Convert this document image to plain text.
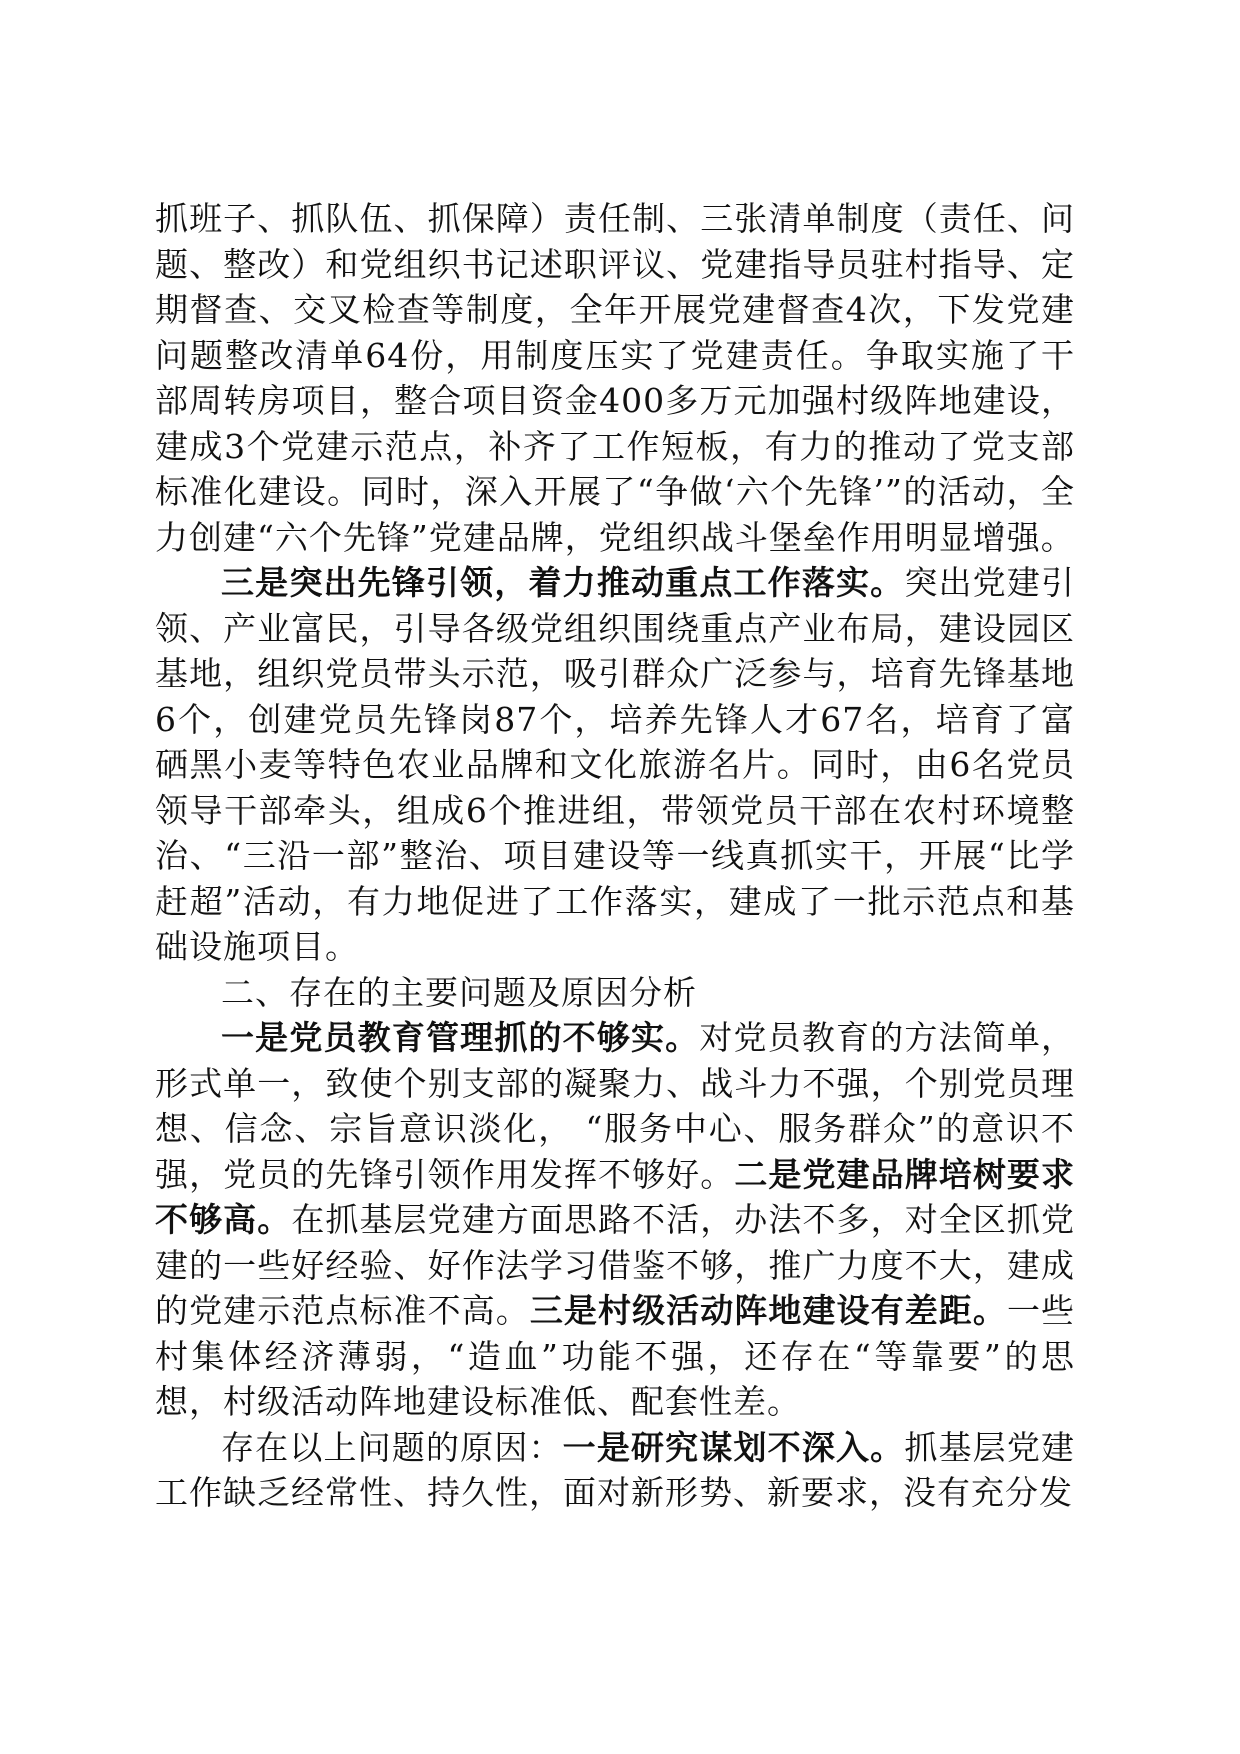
抓班子、抓队伍、抓保障）责任制、三张清单制度（责任、问题、整改）和党组织书记述职评议、党建指导员驻村指导、定期督查、交叉检查等制度，全年开展党建督查4次，下发党建问题整改清单64份，用制度压实了党建责任。争取实施了干部周转房项目，整合项目资金400多万元加强村级阵地建设，建成3个党建示范点，补齐了工作短板，有力的推动了党支部标准化建设。同时，深入开展了“争做‘六个先锋’”的活动，全力创建“六个先锋”党建品牌，党组织战斗堡垒作用明显增强。

三是突出先锋引领，着力推动重点工作落实。突出党建引领、产业富民，引导各级党组织围绕重点产业布局，建设园区基地，组织党员带头示范，吸引群众广泛参与，培育先锋基地6个，创建党员先锋岗87个，培养先锋人才67名，培育了富硒黑小麦等特色农业品牌和文化旅游名片。同时，由6名党员领导干部牵头，组成6个推进组，带领党员干部在农村环境整治、“三沿一部”整治、项目建设等一线真抓实干，开展“比学赶超”活动，有力地促进了工作落实，建成了一批示范点和基础设施项目。

二、存在的主要问题及原因分析

一是党员教育管理抓的不够实。对党员教育的方法简单，形式单一，致使个别支部的凝聚力、战斗力不强，个别党员理想、信念、宗旨意识淡化， “服务中心、服务群众”的意识不强，党员的先锋引领作用发挥不够好。二是党建品牌培树要求不够高。在抓基层党建方面思路不活，办法不多，对全区抓党建的一些好经验、好作法学习借鉴不够，推广力度不大，建成的党建示范点标准不高。三是村级活动阵地建设有差距。一些村集体经济薄弱，“造血”功能不强，还存在“等靠要”的思想，村级活动阵地建设标准低、配套性差。

存在以上问题的原因：一是研究谋划不深入。抓基层党建工作缺乏经常性、持久性，面对新形势、新要求，没有充分发
